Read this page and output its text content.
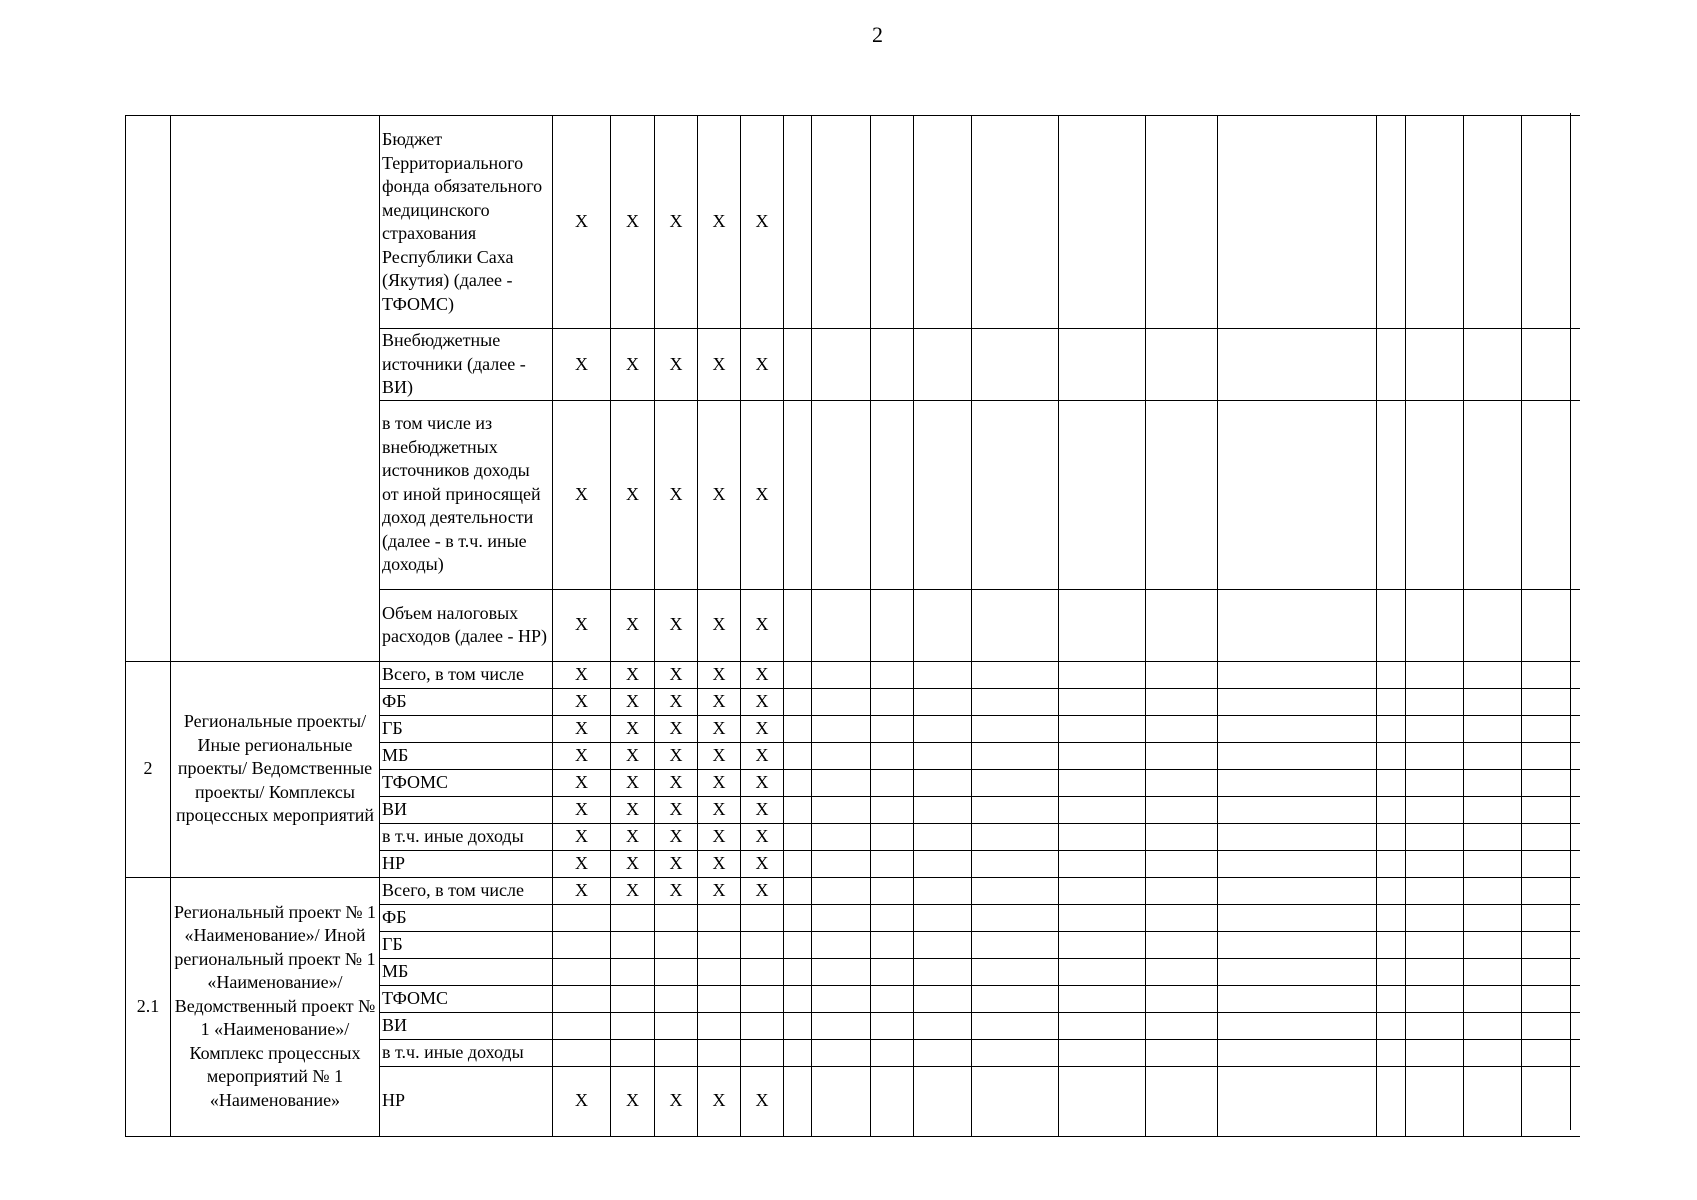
2
		Бюджет Территориального фонда обязательного медицинского страхования Республики Саха (Якутия) (далее - ТФОМС)	X	X	X	X	X												
		Внебюджетные источники (далее - ВИ)	X	X	X	X	X												
		в том числе из внебюджетных источников доходы от иной приносящей доход деятельности (далее - в т.ч. иные доходы)	X	X	X	X	X												
		Объем налоговых расходов (далее - НР)	X	X	X	X	X												
2	Региональные проекты/ Иные региональные проекты/ Ведомственные проекты/ Комплексы процессных мероприятий	Всего, в том числе	X	X	X	X	X												
		ФБ	X	X	X	X	X												
		ГБ	X	X	X	X	X												
		МБ	X	X	X	X	X												
		ТФОМС	X	X	X	X	X												
		ВИ	X	X	X	X	X												
		в т.ч. иные доходы	X	X	X	X	X												
		НР	X	X	X	X	X												
2.1	Региональный проект № 1 «Наименование»/ Иной региональный проект № 1 «Наименование»/ Ведомственный проект № 1 «Наименование»/ Комплекс процессных мероприятий № 1 «Наименование»	Всего, в том числе	X	X	X	X	X												
		ФБ																	
		ГБ																	
		МБ																	
		ТФОМС																	
		ВИ																	
		в т.ч. иные доходы																	
		НР	X	X	X	X	X												
